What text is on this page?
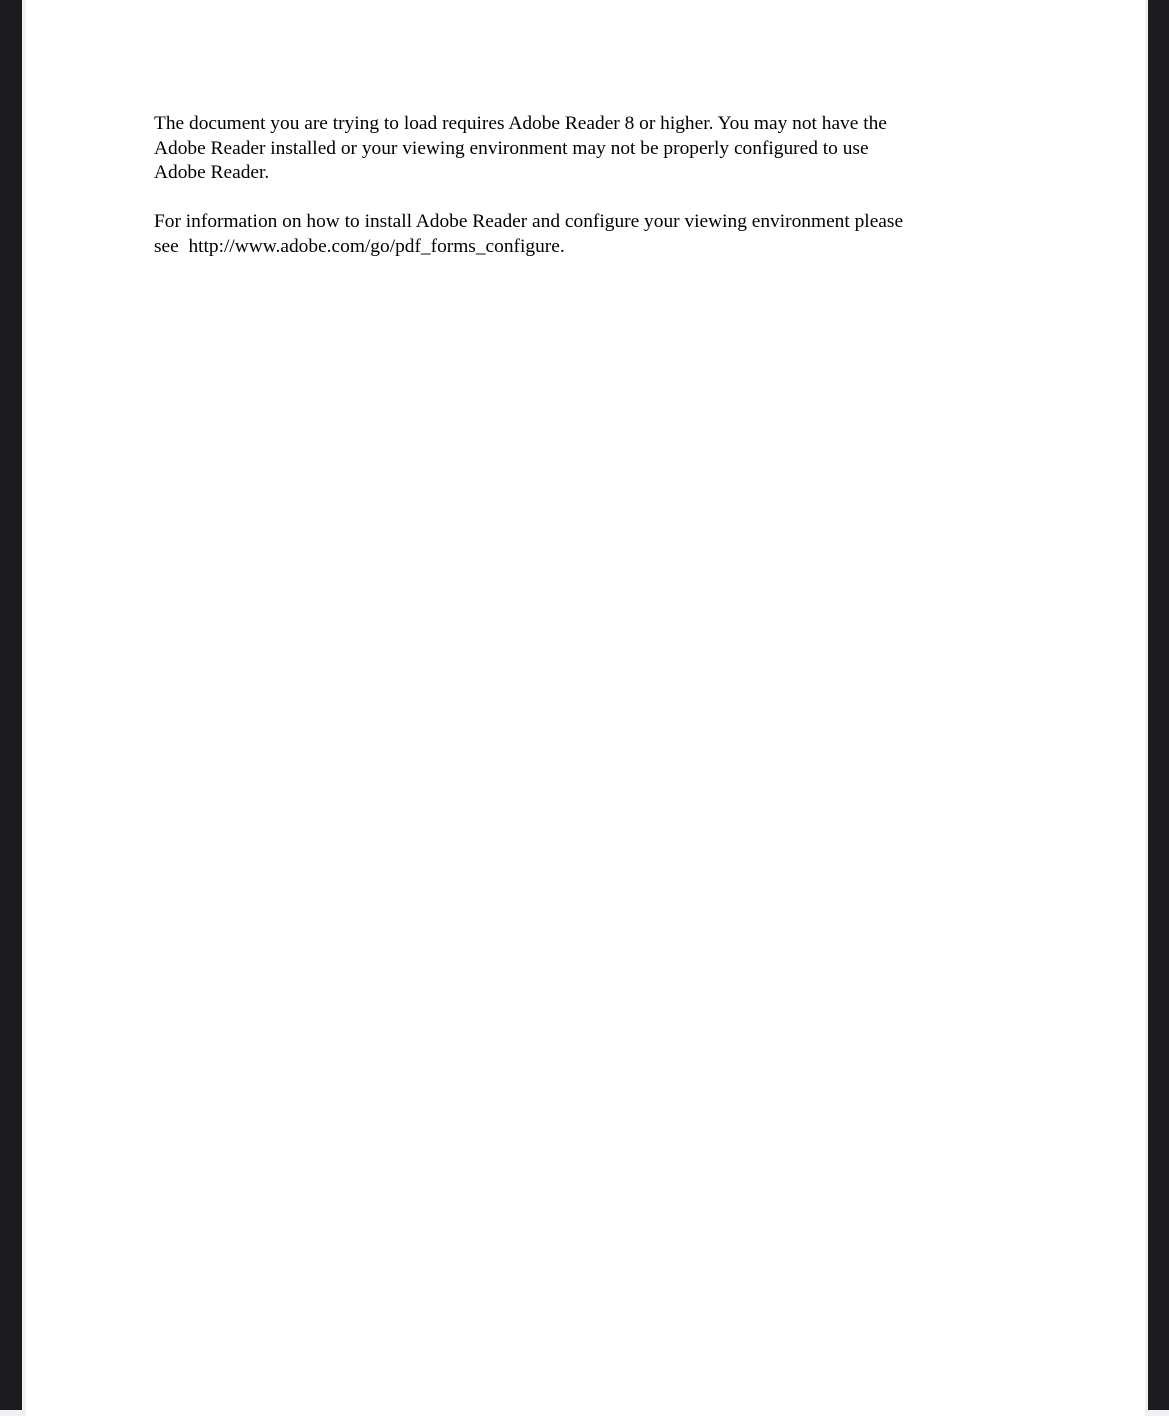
The document you are trying to load requires Adobe Reader 8 or higher. You may not have the
Adobe Reader installed or your viewing environment may not be properly configured to use
Adobe Reader.
For information on how to install Adobe Reader and configure your viewing environment please
see  http://www.adobe.com/go/pdf_forms_configure.
